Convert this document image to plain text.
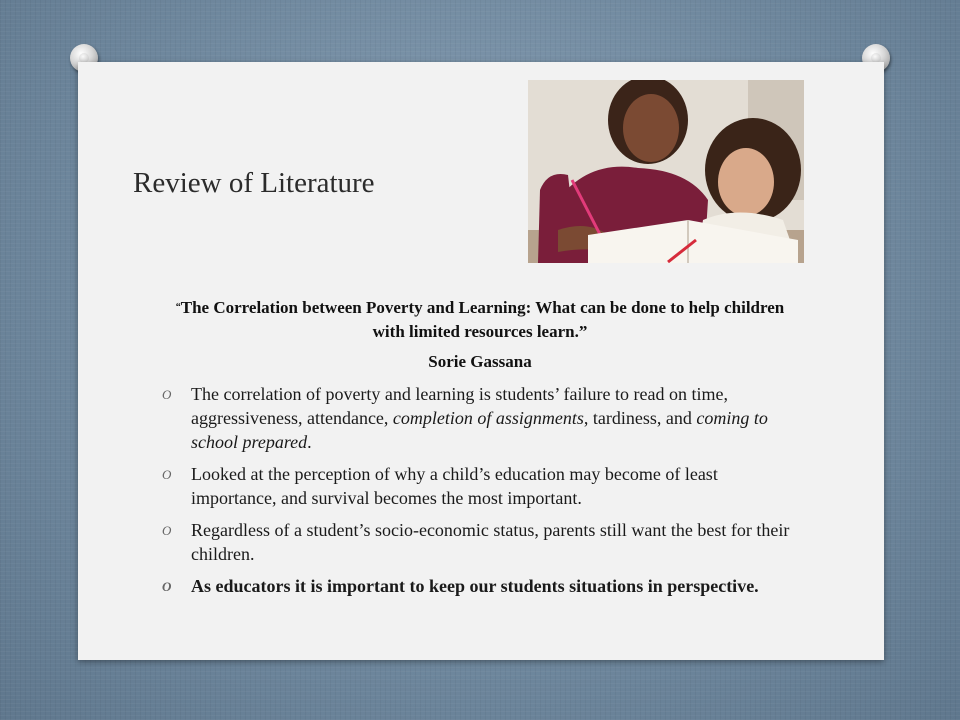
Review of Literature

“The Correlation between Poverty and Learning: What can be done to help children with limited resources learn.”

Sorie Gassana

O The correlation of poverty and learning is students’ failure to read on time, aggressiveness, attendance, completion of assignments, tardiness, and coming to school prepared.
O Looked at the perception of why a child’s education may become of least importance, and survival becomes the most important.
O Regardless of a student’s socio-economic status, parents still want the best for their children.
O As educators it is important to keep our students situations in perspective.
